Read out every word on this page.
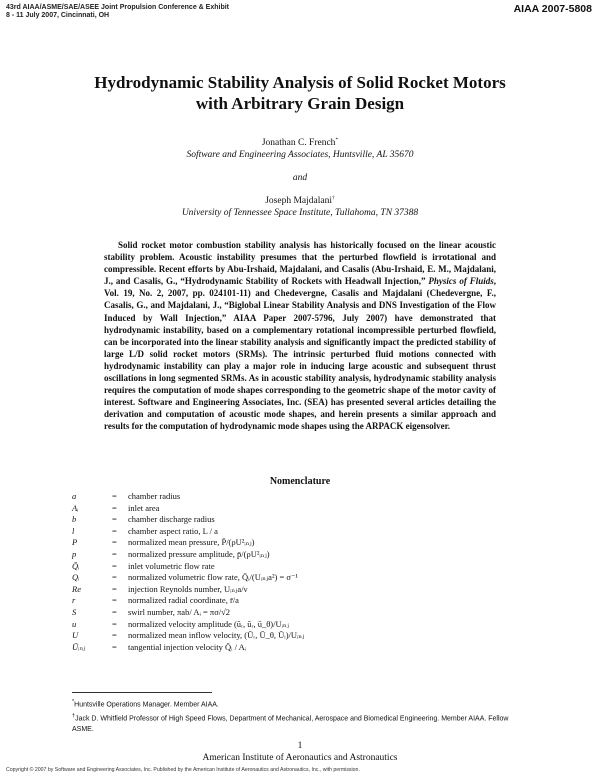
43rd AIAA/ASME/SAE/ASEE Joint Propulsion Conference & Exhibit
8 - 11 July 2007, Cincinnati, OH
AIAA 2007-5808
Hydrodynamic Stability Analysis of Solid Rocket Motors
with Arbitrary Grain Design
Jonathan C. French*
Software and Engineering Associates, Huntsville, AL 35670
and
Joseph Majdalani†
University of Tennessee Space Institute, Tullahoma, TN 37388
Solid rocket motor combustion stability analysis has historically focused on the linear acoustic stability problem. Acoustic instability presumes that the perturbed flowfield is irrotational and compressible. Recent efforts by Abu-Irshaid, Majdalani, and Casalis (Abu-Irshaid, E. M., Majdalani, J., and Casalis, G., “Hydrodynamic Stability of Rockets with Headwall Injection,” Physics of Fluids, Vol. 19, No. 2, 2007, pp. 024101-11) and Chedevergne, Casalis and Majdalani (Chedevergne, F., Casalis, G., and Majdalani, J., “Biglobal Linear Stability Analysis and DNS Investigation of the Flow Induced by Wall Injection,” AIAA Paper 2007-5796, July 2007) have demonstrated that hydrodynamic instability, based on a complementary rotational incompressible perturbed flowfield, can be incorporated into the linear stability analysis and significantly impact the predicted stability of large L/D solid rocket motors (SRMs). The intrinsic perturbed fluid motions connected with hydrodynamic instability can play a major role in inducing large acoustic and subsequent thrust oscillations in long segmented SRMs. As in acoustic stability analysis, hydrodynamic stability analysis requires the computation of mode shapes corresponding to the geometric shape of the motor cavity of interest. Software and Engineering Associates, Inc. (SEA) has presented several articles detailing the derivation and computation of acoustic mode shapes, and herein presents a similar approach and results for the computation of hydrodynamic mode shapes using the ARPACK eigensolver.
Nomenclature
a	=	chamber radius
Aᵢ	=	inlet area
b	=	chamber discharge radius
l	=	chamber aspect ratio, L / a
P	=	normalized mean pressure, P̄/(ρU²ᵢₙⱼ)
p	=	normalized pressure amplitude, p̄/(ρU²ᵢₙⱼ)
Q̄ᵢ	=	inlet volumetric flow rate
Qᵢ	=	normalized volumetric flow rate, Q̄ᵢ/(Uᵢₙⱼa²) = σ⁻¹
Re	=	injection Reynolds number, Uᵢₙⱼa/ν
r	=	normalized radial coordinate, r̄/a
S	=	swirl number, πab/ Aᵢ = πσ/√2
u	=	normalized velocity amplitude (ūᵣ, ūᵣ, ū_θ)/Uᵢₙⱼ
U	=	normalized mean inflow velocity, (Ūᵣ, Ū_θ, Ūᵢ)/Uᵢₙⱼ
Ūᵢₙⱼ	=	tangential injection velocity Q̄ᵢ / Aᵢ
*Huntsville Operations Manager. Member AIAA.
†Jack D. Whitfield Professor of High Speed Flows, Department of Mechanical, Aerospace and Biomedical Engineering. Member AIAA. Fellow ASME.
1
American Institute of Aeronautics and Astronautics
Copyright © 2007 by Software and Engineering Associates, Inc. Published by the American Institute of Aeronautics and Astronautics, Inc., with permission.
